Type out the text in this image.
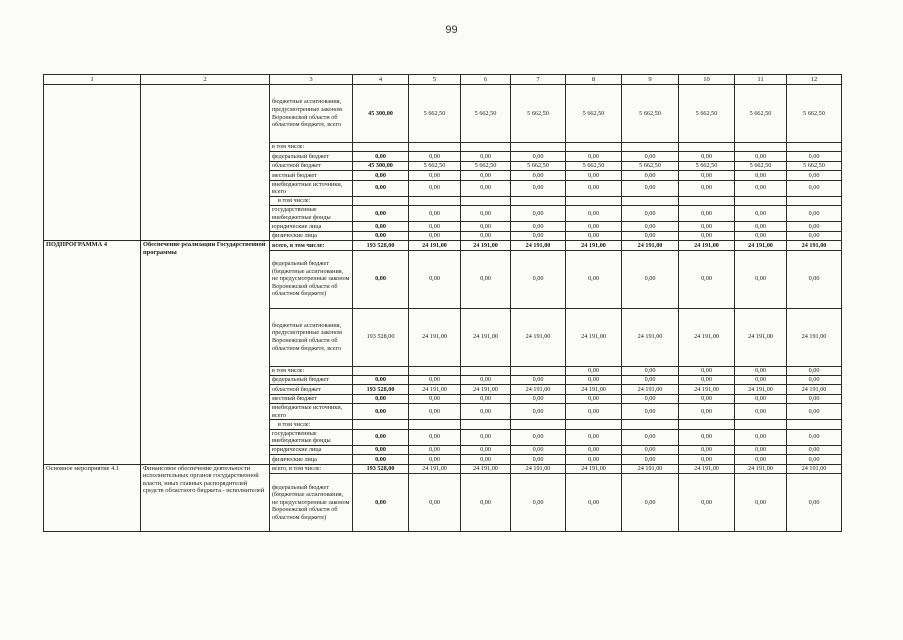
99
1	2	3	4	5	6	7	8	9	10	11	12
		бюджетные ассигнования, предусмотренные законом Воронежской области об областном бюджете, всего	45 300,00	5 662,50	5 662,50	5 662,50	5 662,50	5 662,50	5 662,50	5 662,50	5 662,50
		в том числе:									
		федеральный бюджет	0,00	0,00	0,00	0,00	0,00	0,00	0,00	0,00	0,00
		областной бюджет	45 300,00	5 662,50	5 662,50	5 662,50	5 662,50	5 662,50	5 662,50	5 662,50	5 662,50
		местный бюджет	0,00	0,00	0,00	0,00	0,00	0,00	0,00	0,00	0,00
		внебюджетные источники, всего	0,00	0,00	0,00	0,00	0,00	0,00	0,00	0,00	0,00
		в том числе:									
		государственные внебюджетные фонды	0,00	0,00	0,00	0,00	0,00	0,00	0,00	0,00	0,00
		юридические лица	0,00	0,00	0,00	0,00	0,00	0,00	0,00	0,00	0,00
		физические лица	0,00	0,00	0,00	0,00	0,00	0,00	0,00	0,00	0,00
ПОДПРОГРАММА 4	Обеспечение реализации Государственной программы	всего, в том числе:	193 528,00	24 191,00	24 191,00	24 191,00	24 191,00	24 191,00	24 191,00	24 191,00	24 191,00
		федеральный бюджет (бюджетные ассигнования, не предусмотренные законом Воронежской области об областном бюджете)	0,00	0,00	0,00	0,00	0,00	0,00	0,00	0,00	0,00
		бюджетные ассигнования, предусмотренные законом Воронежской области об областном бюджете, всего	193 528,00	24 191,00	24 191,00	24 191,00	24 191,00	24 191,00	24 191,00	24 191,00	24 191,00
		в том числе:					0,00	0,00	0,00	0,00	0,00
		федеральный бюджет	0,00	0,00	0,00	0,00	0,00	0,00	0,00	0,00	0,00
		областной бюджет	193 528,00	24 191,00	24 191,00	24 191,00	24 191,00	24 191,00	24 191,00	24 191,00	24 191,00
		местный бюджет	0,00	0,00	0,00	0,00	0,00	0,00	0,00	0,00	0,00
		внебюджетные источники, всего	0,00	0,00	0,00	0,00	0,00	0,00	0,00	0,00	0,00
		в том числе:									
		государственные внебюджетные фонды	0,00	0,00	0,00	0,00	0,00	0,00	0,00	0,00	0,00
		юридические лица	0,00	0,00	0,00	0,00	0,00	0,00	0,00	0,00	0,00
		физические лица	0,00	0,00	0,00	0,00	0,00	0,00	0,00	0,00	0,00
Основное мероприятие 4.1	Финансовое обеспечение деятельности исполнительных органов государственной власти, иных главных распорядителей средств областного бюджета - исполнителей	всего, в том числе:	193 528,00	24 191,00	24 191,00	24 191,00	24 191,00	24 191,00	24 191,00	24 191,00	24 191,00
		федеральный бюджет (бюджетные ассигнования, не предусмотренные законом Воронежской области об областном бюджете)	0,00	0,00	0,00	0,00	0,00	0,00	0,00	0,00	0,00
